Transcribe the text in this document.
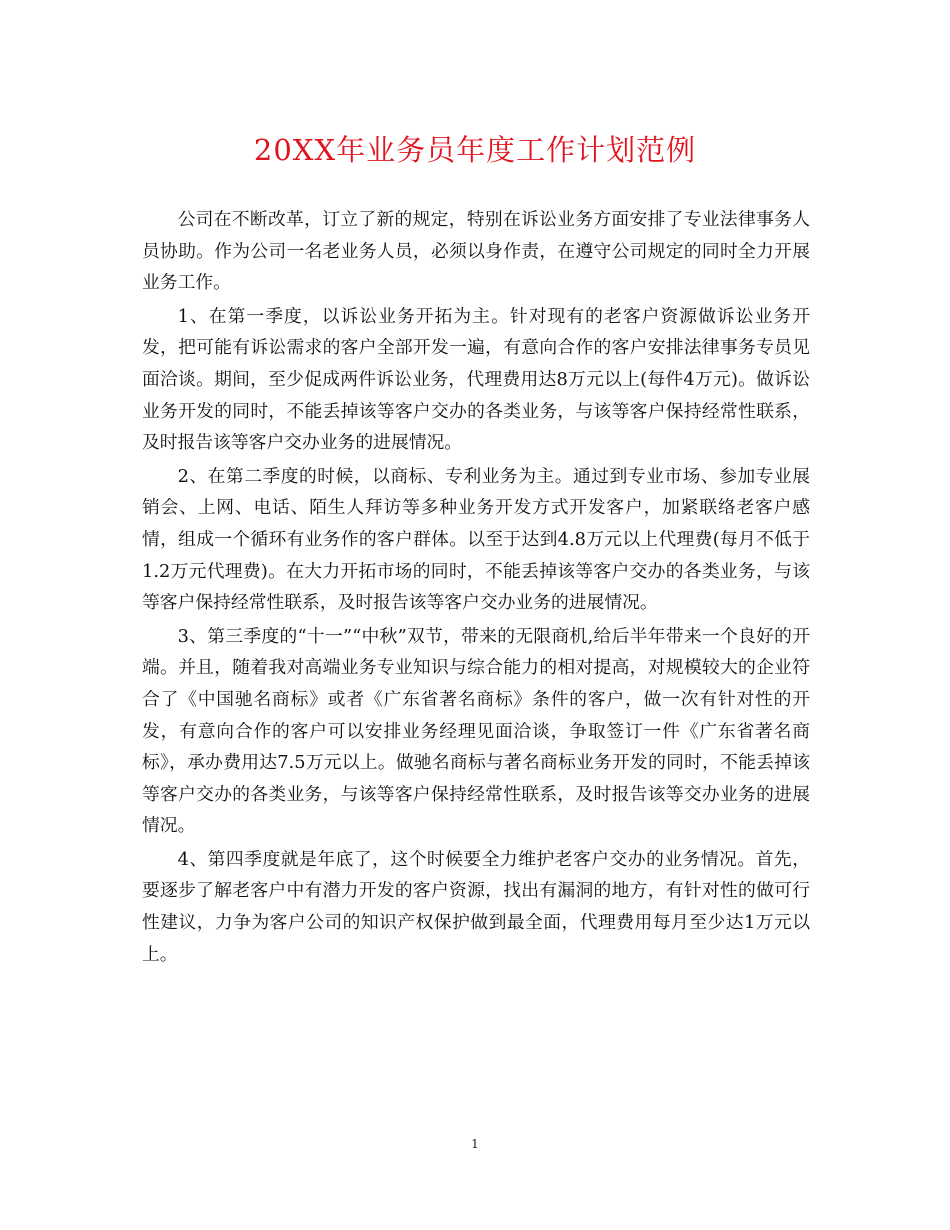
20XX年业务员年度工作计划范例

公司在不断改革，订立了新的规定，特别在诉讼业务方面安排了专业法律事务人员协助。作为公司一名老业务人员，必须以身作责，在遵守公司规定的同时全力开展业务工作。

1、在第一季度，以诉讼业务开拓为主。针对现有的老客户资源做诉讼业务开发，把可能有诉讼需求的客户全部开发一遍，有意向合作的客户安排法律事务专员见面洽谈。期间，至少促成两件诉讼业务，代理费用达8万元以上(每件4万元)。做诉讼业务开发的同时，不能丢掉该等客户交办的各类业务，与该等客户保持经常性联系，及时报告该等客户交办业务的进展情况。

2、在第二季度的时候，以商标、专利业务为主。通过到专业市场、参加专业展销会、上网、电话、陌生人拜访等多种业务开发方式开发客户，加紧联络老客户感情，组成一个循环有业务作的客户群体。以至于达到4.8万元以上代理费(每月不低于1.2万元代理费)。在大力开拓市场的同时，不能丢掉该等客户交办的各类业务，与该等客户保持经常性联系，及时报告该等客户交办业务的进展情况。

3、第三季度的“十一”“中秋”双节，带来的无限商机,给后半年带来一个良好的开端。并且，随着我对高端业务专业知识与综合能力的相对提高，对规模较大的企业符合了《中国驰名商标》或者《广东省著名商标》条件的客户，做一次有针对性的开发，有意向合作的客户可以安排业务经理见面洽谈，争取签订一件《广东省著名商标》，承办费用达7.5万元以上。做驰名商标与著名商标业务开发的同时，不能丢掉该等客户交办的各类业务，与该等客户保持经常性联系，及时报告该等交办业务的进展情况。

4、第四季度就是年底了，这个时候要全力维护老客户交办的业务情况。首先，要逐步了解老客户中有潜力开发的客户资源，找出有漏洞的地方，有针对性的做可行性建议，力争为客户公司的知识产权保护做到最全面，代理费用每月至少达1万元以上。

1
